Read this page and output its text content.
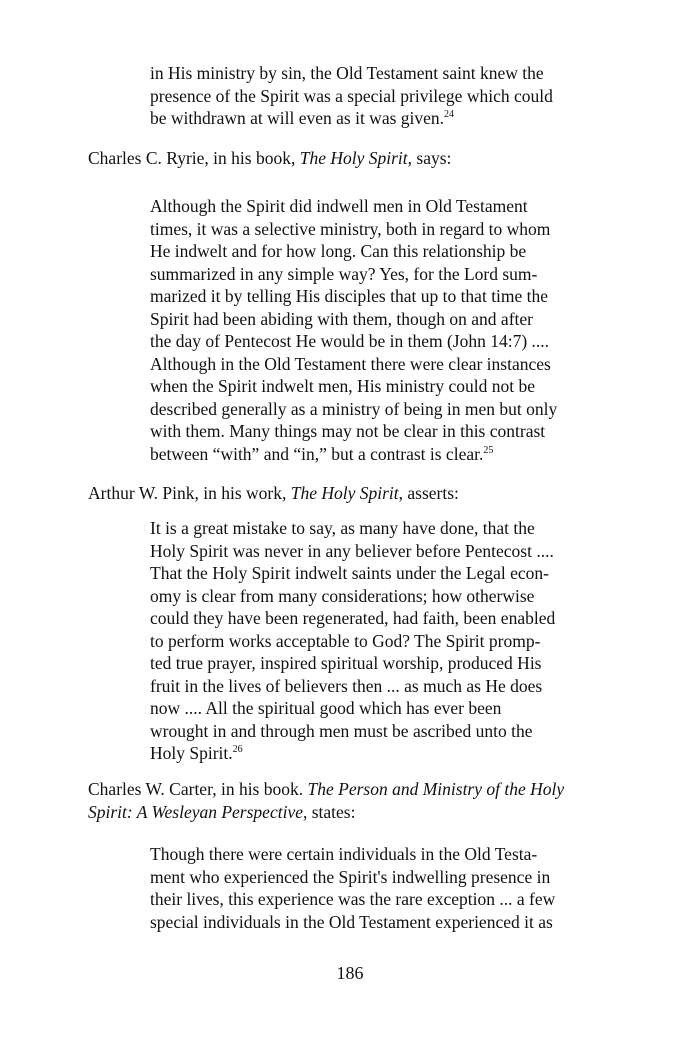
in His ministry by sin, the Old Testament saint knew the
presence of the Spirit was a special privilege which could
be withdrawn at will even as it was given.$^{24}$
Charles C. Ryrie, in his book, The Holy Spirit, says:
Although the Spirit did indwell men in Old Testament
times, it was a selective ministry, both in regard to whom
He indwelt and for how long. Can this relationship be
summarized in any simple way? Yes, for the Lord sum-
marized it by telling His disciples that up to that time the
Spirit had been abiding with them, though on and after
the day of Pentecost He would be in them (John 14:7) ....
Although in the Old Testament there were clear instances
when the Spirit indwelt men, His ministry could not be
described generally as a ministry of being in men but only
with them. Many things may not be clear in this contrast
between “with” and “in,” but a contrast is clear.$^{25}$
Arthur W. Pink, in his work, The Holy Spirit, asserts:
It is a great mistake to say, as many have done, that the
Holy Spirit was never in any believer before Pentecost ....
That the Holy Spirit indwelt saints under the Legal econ-
omy is clear from many considerations; how otherwise
could they have been regenerated, had faith, been enabled
to perform works acceptable to God? The Spirit promp-
ted true prayer, inspired spiritual worship, produced His
fruit in the lives of believers then ... as much as He does
now .... All the spiritual good which has ever been
wrought in and through men must be ascribed unto the
Holy Spirit.$^{26}$
Charles W. Carter, in his book. The Person and Ministry of the Holy
Spirit: A Wesleyan Perspective, states:
Though there were certain individuals in the Old Testa-
ment who experienced the Spirit's indwelling presence in
their lives, this experience was the rare exception ... a few
special individuals in the Old Testament experienced it as
186
